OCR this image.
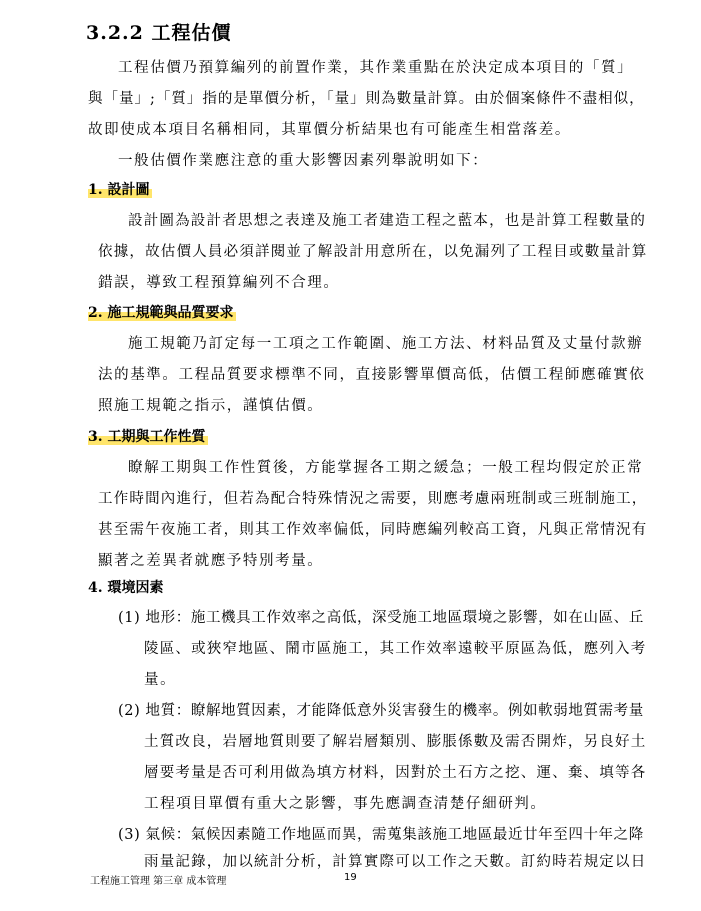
3.2.2 工程估價
工程估價乃預算編列的前置作業，其作業重點在於決定成本項目的「質」
與「量」;「質」指的是單價分析，「量」則為數量計算。由於個案條件不盡相似，
故即使成本項目名稱相同，其單價分析結果也有可能產生相當落差。
一般估價作業應注意的重大影響因素列舉說明如下：
1. 設計圖
設計圖為設計者思想之表達及施工者建造工程之藍本，也是計算工程數量的
依據，故估價人員必須詳閱並了解設計用意所在，以免漏列了工程目或數量計算
錯誤，導致工程預算編列不合理。
2. 施工規範與品質要求
施工規範乃訂定每一工項之工作範圍、施工方法、材料品質及丈量付款辦
法的基準。工程品質要求標準不同，直接影響單價高低，估價工程師應確實依
照施工規範之指示，謹慎估價。
3. 工期與工作性質
瞭解工期與工作性質後，方能掌握各工期之緩急；一般工程均假定於正常
工作時間內進行，但若為配合特殊情況之需要，則應考慮兩班制或三班制施工，
甚至需午夜施工者，則其工作效率偏低，同時應編列較高工資，凡與正常情況有
顯著之差異者就應予特別考量。
4. 環境因素
(1) 地形：施工機具工作效率之高低，深受施工地區環境之影響，如在山區、丘
陵區、或狹窄地區、鬧市區施工，其工作效率遠較平原區為低，應列入考
量。
(2) 地質：瞭解地質因素，才能降低意外災害發生的機率。例如軟弱地質需考量
土質改良，岩層地質則要了解岩層類別、膨脹係數及需否開炸，另良好土
層要考量是否可利用做為填方材料，因對於土石方之挖、運、棄、填等各
工程項目單價有重大之影響，事先應調查清楚仔細研判。
(3) 氣候：氣候因素隨工作地區而異，需蒐集該施工地區最近廿年至四十年之降
雨量記錄，加以統計分析，計算實際可以工作之天數。訂約時若規定以日
工程施工管理 第三章 成本管理	19
